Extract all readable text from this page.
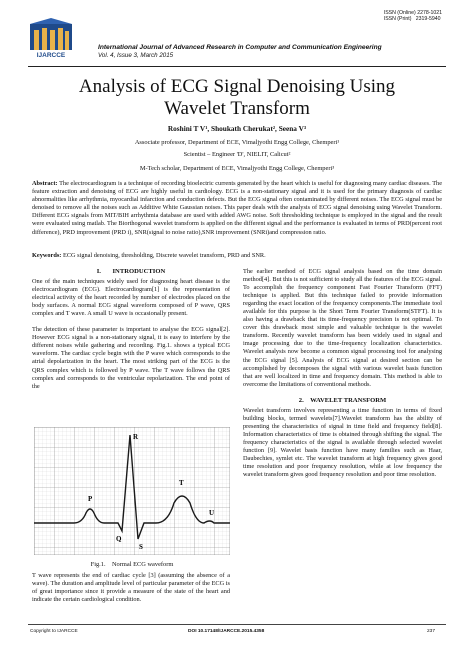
IJARCCE
ISSN (Online) 2278-1021
ISSN (Print)   2319-5940
International Journal of Advanced Research in Computer and Communication Engineering
Vol. 4, Issue 3, March 2015
Analysis of ECG Signal Denoising Using
Wavelet Transform
Roshini T V¹, Shoukath Cherukat², Seena V³
Associate professor, Department of ECE, Vimaljyothi Engg College, Chemperi¹
Scientist – Engineer 'D', NIELIT, Calicut²
M-Tech scholar, Department of ECE, Vimaljyothi Engg College, Chemperi³
Abstract: The electrocardiogram is a technique of recording bioelectric currents generated by the heart which is useful for diagnosing many cardiac diseases. The feature extraction and denoising of ECG are highly useful in cardiology. ECG is a non-stationary signal and it is used for the primary diagnosis of cardiac abnormalities like arrhythmia, myocardial infarction and conduction defects. But the ECG signal often contaminated by different noises. The ECG signal must be denoised to remove all the noises such as Additive White Gaussian noises. This paper deals with the analysis of ECG signal denoising using Wavelet Transform. Different ECG signals from MIT/BIH arrhythmia database are used with added AWG noise. Soft thresholding technique is employed in the signal and the result were evaluated using matlab. The Biorthogonal wavelet transform is applied on the different signal and the performance is evaluated in terms of PRD(percent root difference), PRD improvement (PRD i), SNR(signal to noise ratio),SNR improvement (SNRi)and compression ratio.
Keywords: ECG signal denoising, thresholding, Discrete wavelet transform, PRD and SNR.
I.       INTRODUCTION

One of the main techniques widely used for diagnosing heart disease is the electrocardiogram (ECG). Electrocardiogram[1] is the representation of electrical activity of the heart recorded by number of electrodes placed on the body surfaces. A normal ECG signal waveform composed of P wave, QRS complex and T wave. A small U wave is occasionally present.

The detection of these parameter is important to analyse the ECG signal[2]. However ECG signal is a non-stationary signal, it is easy to interfere by the different noises while gathering and recording. Fig.1. shows a typical ECG waveform. The cardiac cycle begin with the P wave which corresponds to the atrial depolarization in the heart. The most striking part of the ECG is the QRS complex which is followed by P wave. The T wave follows the QRS complex and corresponds to the ventricular repolarization. The end point of the

P
R
T
U
Q
S
Fig.1.    Normal ECG waveform

T wave represents the end of cardiac cycle [3] (assuming the absence of a wave). The duration and amplitude level of particular parameter of the ECG is of great importance since it provide a measure of the state of the heart and indicate the certain cardiological condition.

The earlier method of ECG signal analysis based on the time domain method[4]. But this is not sufficient to study all the features of the ECG signal. To accomplish the frequency component Fast Fourier Transform (FFT) technique is applied. But this technique failed to provide information regarding the exact location of the frequency components.The immediate tool available for this purpose is the Short Term Fourier Transform(STFT). It is also having a drawback that its time-frequency precision is not optimal. To cover this drawback most simple and valuable technique is the wavelet transform. Recently wavelet transform has been widely used in signal and image processing due to the time-frequency localization characteristics. Wavelet analysis now become a common signal processing tool for analysing the ECG signal [5]. Analysis of ECG signal at desired section can be accomplished by decomposes the signal with various wavelet basis function that are well localized in time and frequency domain. This method is able to overcome the limitations of conventional methods.

2.    WAVELET TRANSFORM

Wavelet transform involves representing a time function in terms of fixed building blocks, termed wavelets[7].Wavelet transform has the ability of presenting the characteristics of signal in time field and frequency field[8]. Information characteristics of time is obtained through shifting the signal. The frequency characteristics of the signal is available through selected wavelet function [9]. Wavelet basis function have many families such as Haar, Daubechies, symlet etc. The wavelet transform at high frequency gives good time resolution and poor frequency resolution, while at low frequency the wavelet transform gives good frequency resolution and poor time resolution.

Copyright to IJARCCE	DOI 10.17148/IJARCCE.2015.4358	237
